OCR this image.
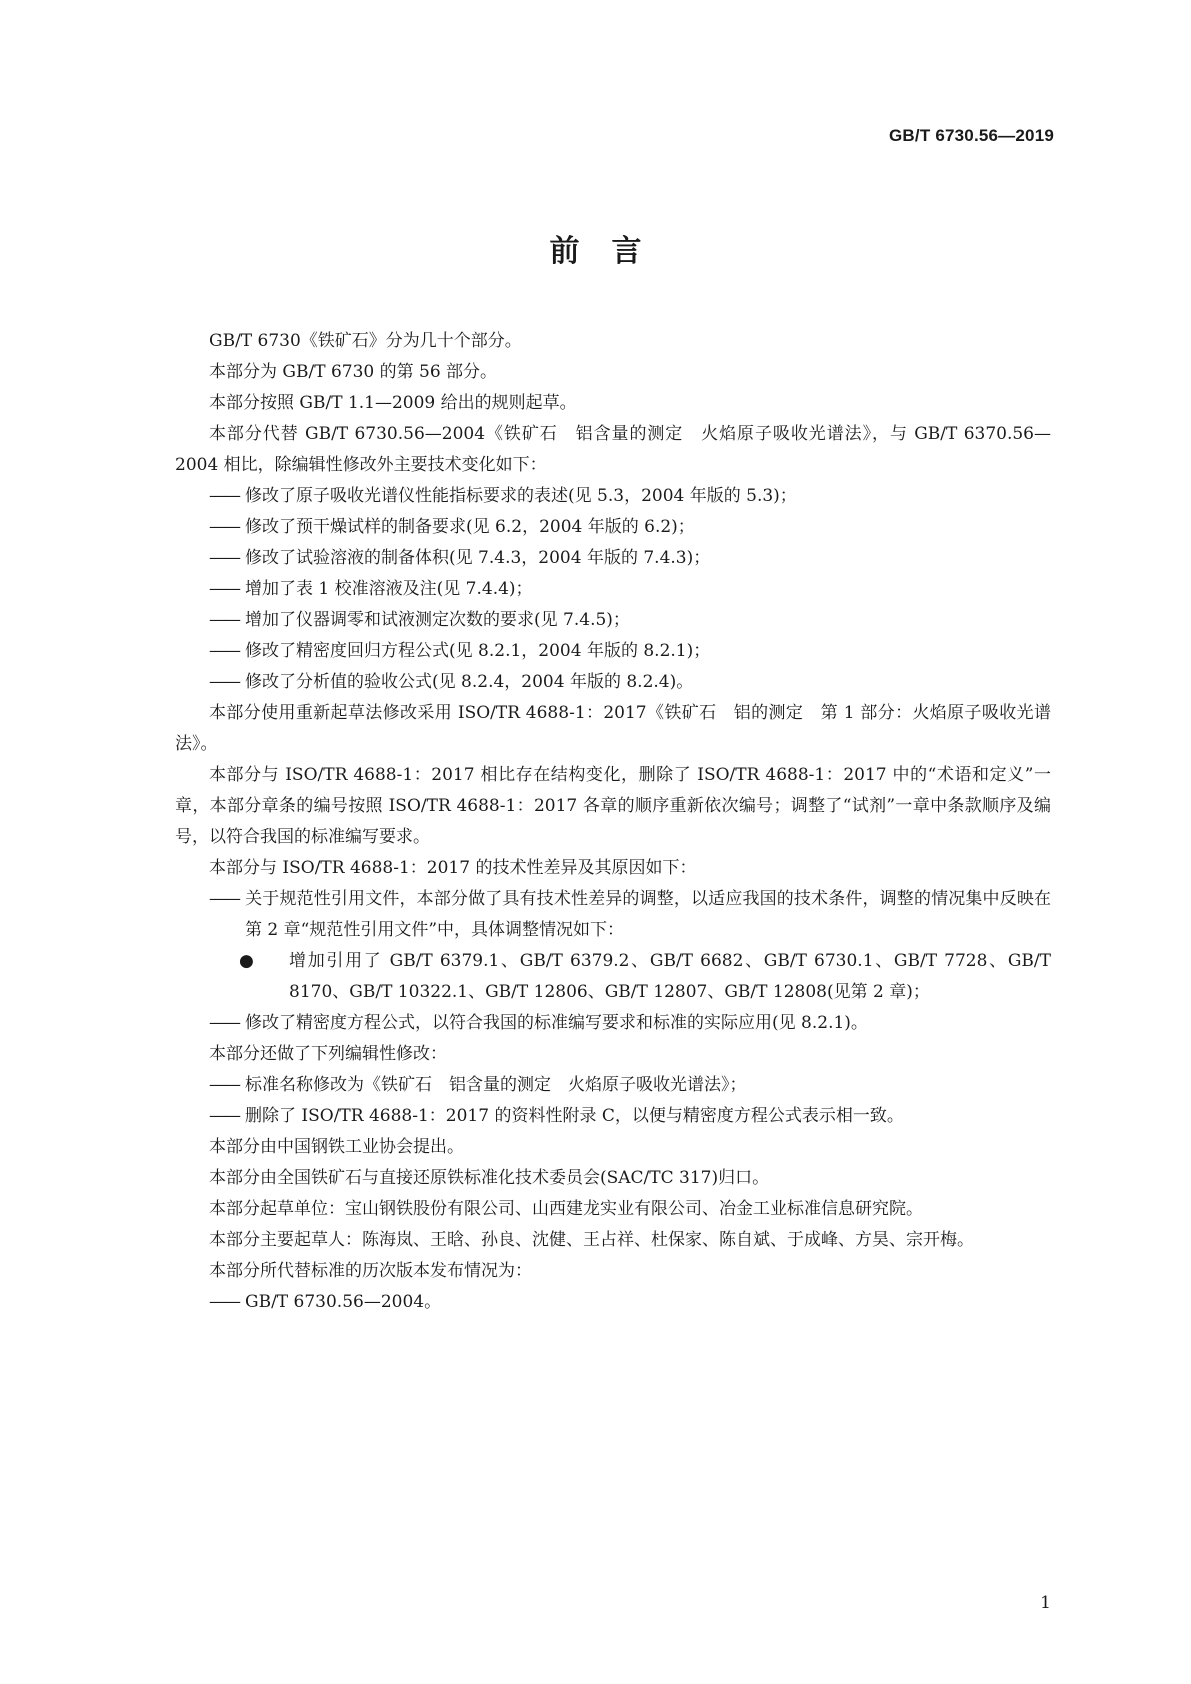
GB/T 6730.56—2019
前言

GB/T 6730《铁矿石》分为几十个部分。

本部分为 GB/T 6730 的第 56 部分。

本部分按照 GB/T 1.1—2009 给出的规则起草。

本部分代替 GB/T 6730.56—2004《铁矿石　铝含量的测定　火焰原子吸收光谱法》，与 GB/T 6370.56—2004 相比，除编辑性修改外主要技术变化如下：

—— 修改了原子吸收光谱仪性能指标要求的表述(见 5.3，2004 年版的 5.3)；

—— 修改了预干燥试样的制备要求(见 6.2，2004 年版的 6.2)；

—— 修改了试验溶液的制备体积(见 7.4.3，2004 年版的 7.4.3)；

—— 增加了表 1 校准溶液及注(见 7.4.4)；

—— 增加了仪器调零和试液测定次数的要求(见 7.4.5)；

—— 修改了精密度回归方程公式(见 8.2.1，2004 年版的 8.2.1)；

—— 修改了分析值的验收公式(见 8.2.4，2004 年版的 8.2.4)。

本部分使用重新起草法修改采用 ISO/TR 4688-1：2017《铁矿石　铝的测定　第 1 部分：火焰原子吸收光谱法》。

本部分与 ISO/TR 4688-1：2017 相比存在结构变化，删除了 ISO/TR 4688-1：2017 中的“术语和定义”一章，本部分章条的编号按照 ISO/TR 4688-1：2017 各章的顺序重新依次编号；调整了“试剂”一章中条款顺序及编号，以符合我国的标准编写要求。

本部分与 ISO/TR 4688-1：2017 的技术性差异及其原因如下：

—— 关于规范性引用文件，本部分做了具有技术性差异的调整，以适应我国的技术条件，调整的情况集中反映在第 2 章“规范性引用文件”中，具体调整情况如下：

● 增加引用了 GB/T 6379.1、GB/T 6379.2、GB/T 6682、GB/T 6730.1、GB/T 7728、GB/T 8170、GB/T 10322.1、GB/T 12806、GB/T 12807、GB/T 12808(见第 2 章)；

—— 修改了精密度方程公式，以符合我国的标准编写要求和标准的实际应用(见 8.2.1)。

本部分还做了下列编辑性修改：

—— 标准名称修改为《铁矿石　铝含量的测定　火焰原子吸收光谱法》；

—— 删除了 ISO/TR 4688-1：2017 的资料性附录 C，以便与精密度方程公式表示相一致。

本部分由中国钢铁工业协会提出。

本部分由全国铁矿石与直接还原铁标准化技术委员会(SAC/TC 317)归口。

本部分起草单位：宝山钢铁股份有限公司、山西建龙实业有限公司、冶金工业标准信息研究院。

本部分主要起草人：陈海岚、王晗、孙良、沈健、王占祥、杜保家、陈自斌、于成峰、方昊、宗开梅。

本部分所代替标准的历次版本发布情况为：

—— GB/T 6730.56—2004。

1
